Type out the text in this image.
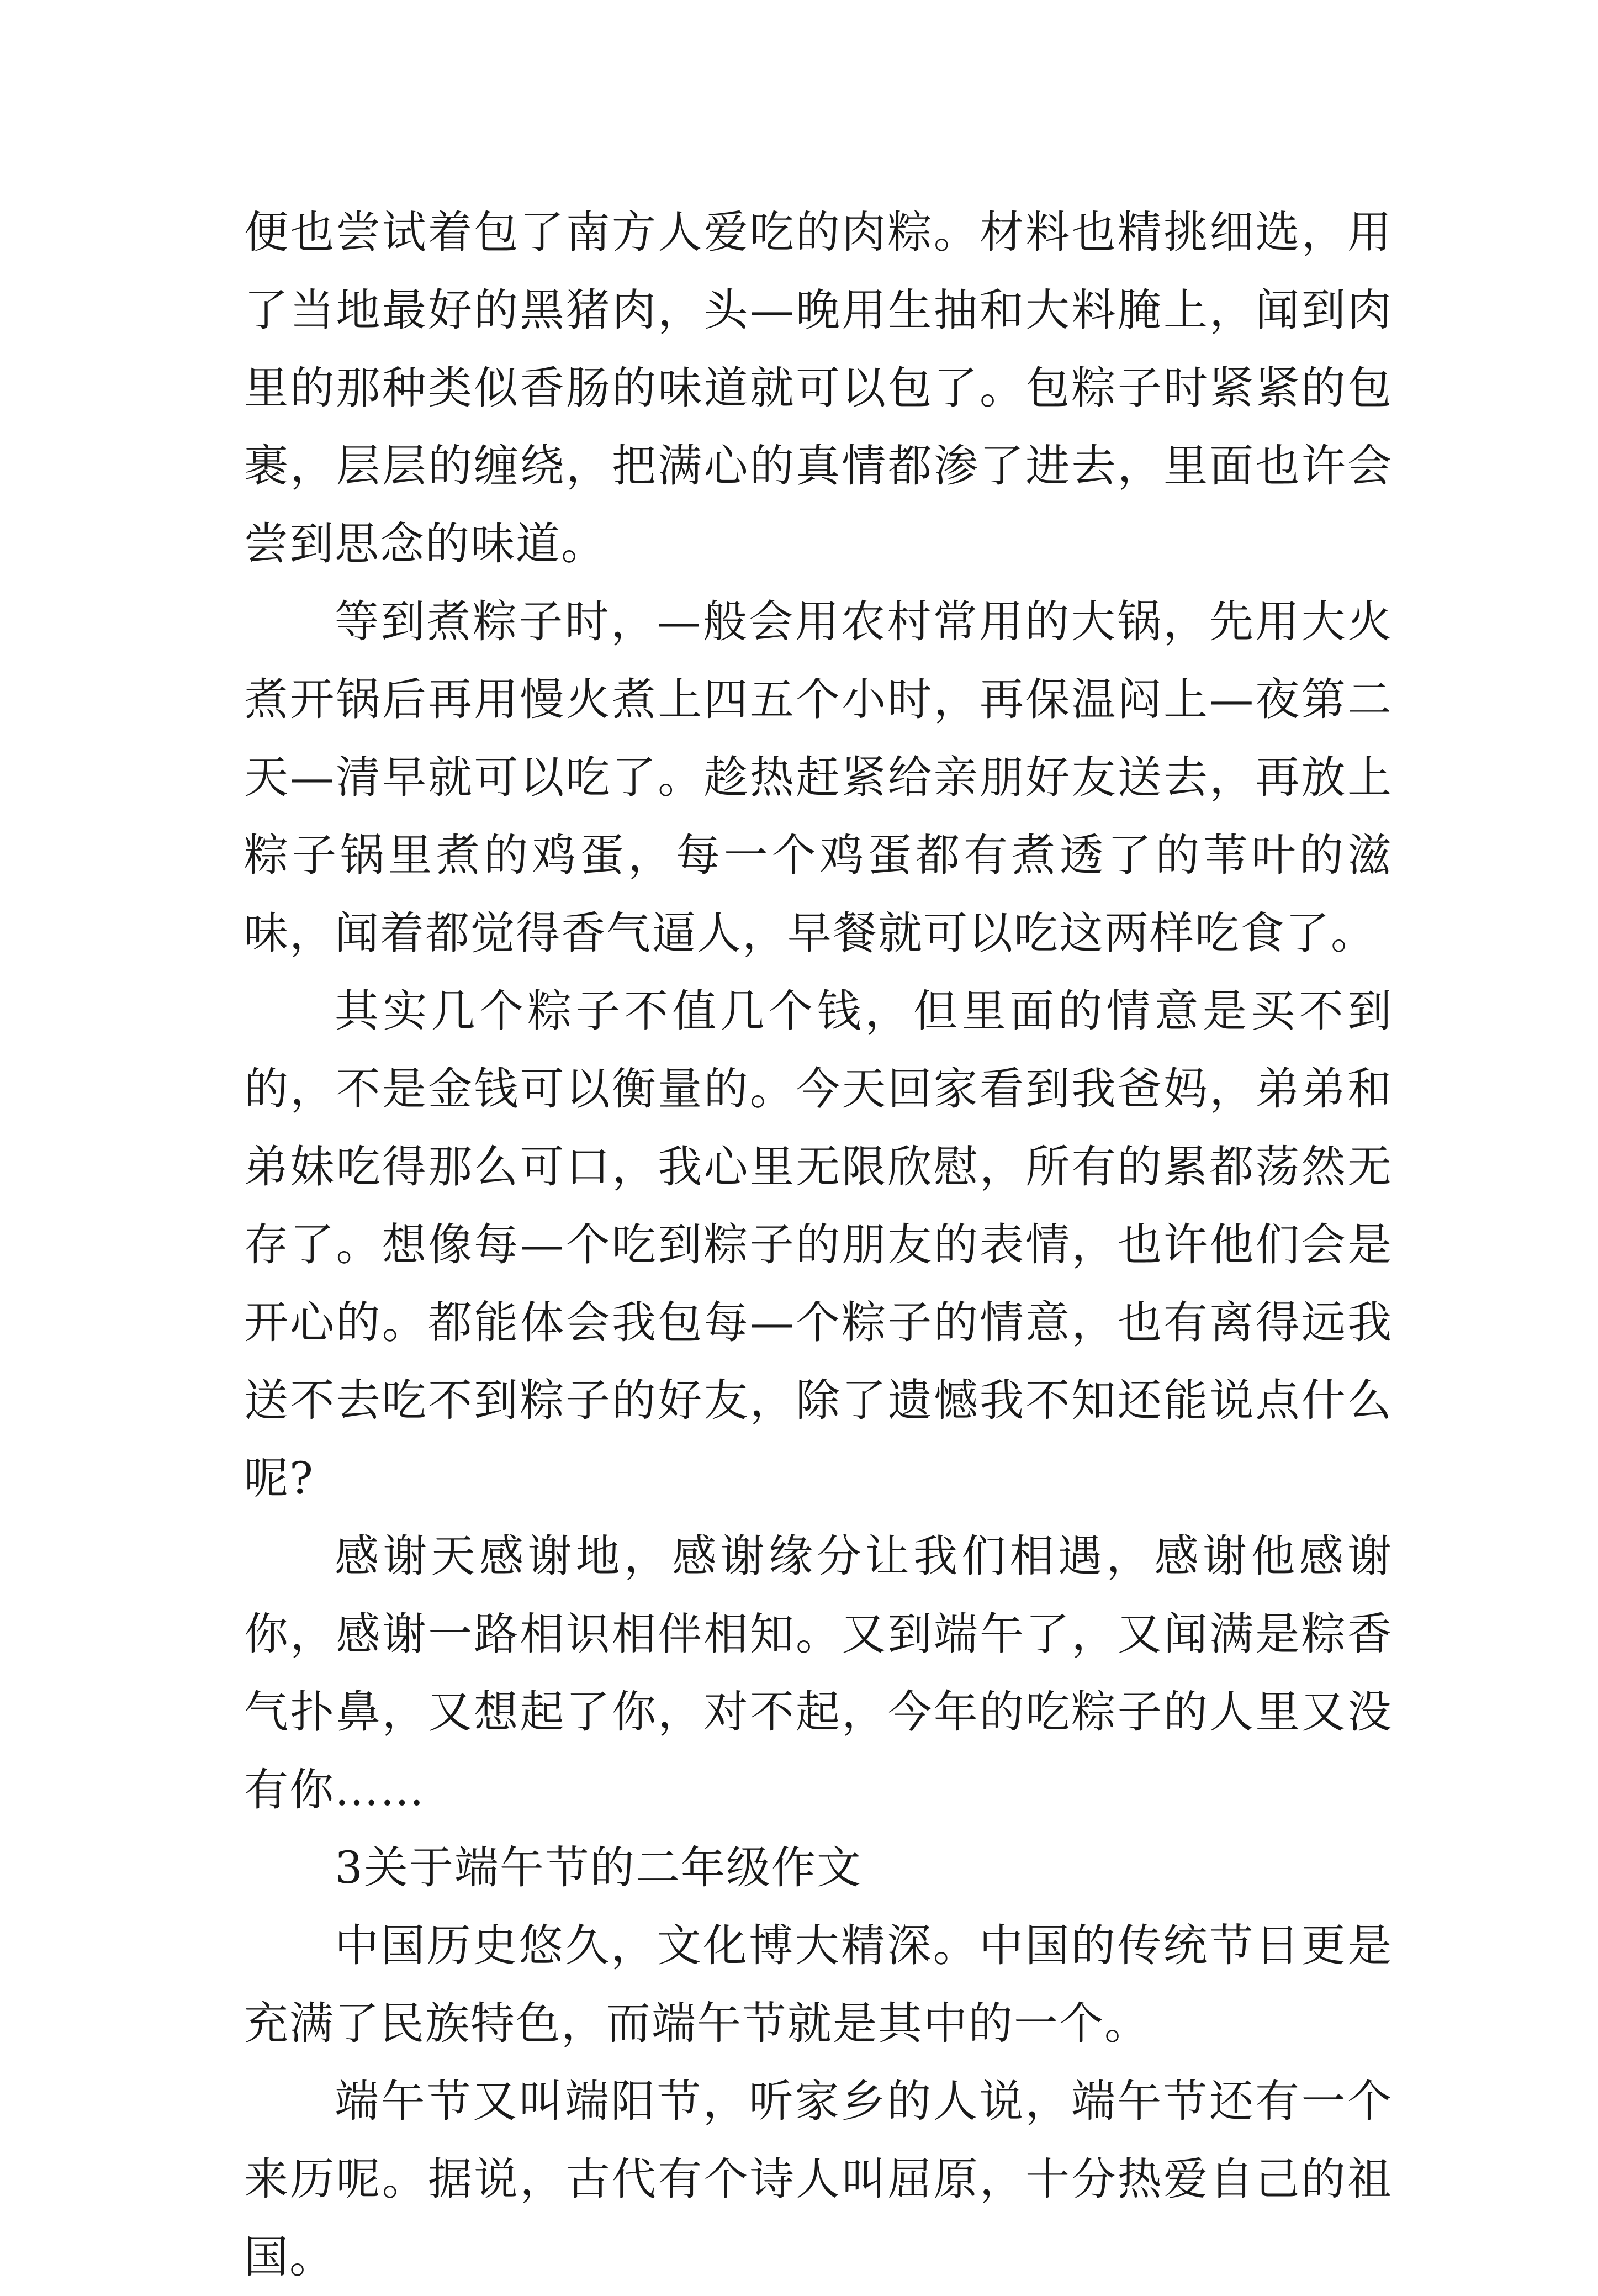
便也尝试着包了南方人爱吃的肉粽。材料也精挑细选，用了当地最好的黑猪肉，头—晚用生抽和大料腌上，闻到肉里的那种类似香肠的味道就可以包了。包粽子时紧紧的包裹，层层的缠绕，把满心的真情都渗了进去，里面也许会尝到思念的味道。

等到煮粽子时，—般会用农村常用的大锅，先用大火煮开锅后再用慢火煮上四五个小时，再保温闷上—夜第二天—清早就可以吃了。趁热赶紧给亲朋好友送去，再放上粽子锅里煮的鸡蛋，每一个鸡蛋都有煮透了的苇叶的滋味，闻着都觉得香气逼人，早餐就可以吃这两样吃食了。

其实几个粽子不值几个钱，但里面的情意是买不到的，不是金钱可以衡量的。今天回家看到我爸妈，弟弟和弟妹吃得那么可口，我心里无限欣慰，所有的累都荡然无存了。想像每—个吃到粽子的朋友的表情，也许他们会是开心的。都能体会我包每—个粽子的情意，也有离得远我送不去吃不到粽子的好友，除了遗憾我不知还能说点什么呢?

感谢天感谢地，感谢缘分让我们相遇，感谢他感谢你，感谢一路相识相伴相知。又到端午了，又闻满是粽香气扑鼻，又想起了你，对不起，今年的吃粽子的人里又没有你……

3关于端午节的二年级作文

中国历史悠久，文化博大精深。中国的传统节日更是充满了民族特色，而端午节就是其中的一个。

端午节又叫端阳节，听家乡的人说，端午节还有一个来历呢。据说，古代有个诗人叫屈原，十分热爱自己的祖国。
